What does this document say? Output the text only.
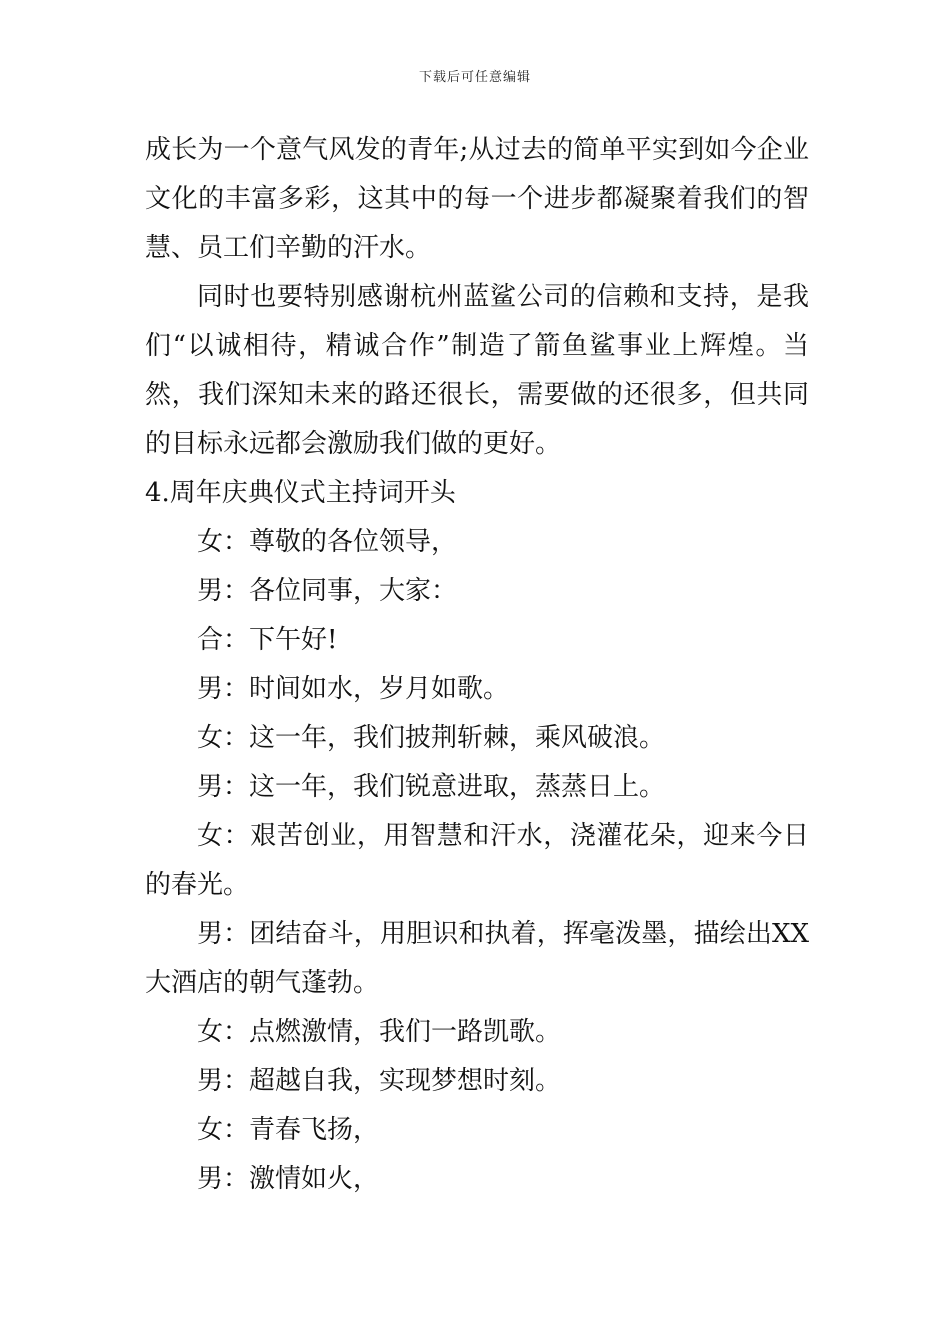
下载后可任意编辑
成长为一个意气风发的青年;从过去的简单平实到如今企业
文化的丰富多彩，这其中的每一个进步都凝聚着我们的智
慧、员工们辛勤的汗水。
同时也要特别感谢杭州蓝鲨公司的信赖和支持，是我
们“以诚相待，精诚合作”制造了箭鱼鲨事业上辉煌。当
然，我们深知未来的路还很长，需要做的还很多，但共同
的目标永远都会激励我们做的更好。
4.周年庆典仪式主持词开头
女：尊敬的各位领导，
男：各位同事，大家：
合：下午好!
男：时间如水，岁月如歌。
女：这一年，我们披荆斩棘，乘风破浪。
男：这一年，我们锐意进取，蒸蒸日上。
女：艰苦创业，用智慧和汗水，浇灌花朵，迎来今日
的春光。
男：团结奋斗，用胆识和执着，挥毫泼墨，描绘出XX
大酒店的朝气蓬勃。
女：点燃激情，我们一路凯歌。
男：超越自我，实现梦想时刻。
女：青春飞扬，
男：激情如火，
